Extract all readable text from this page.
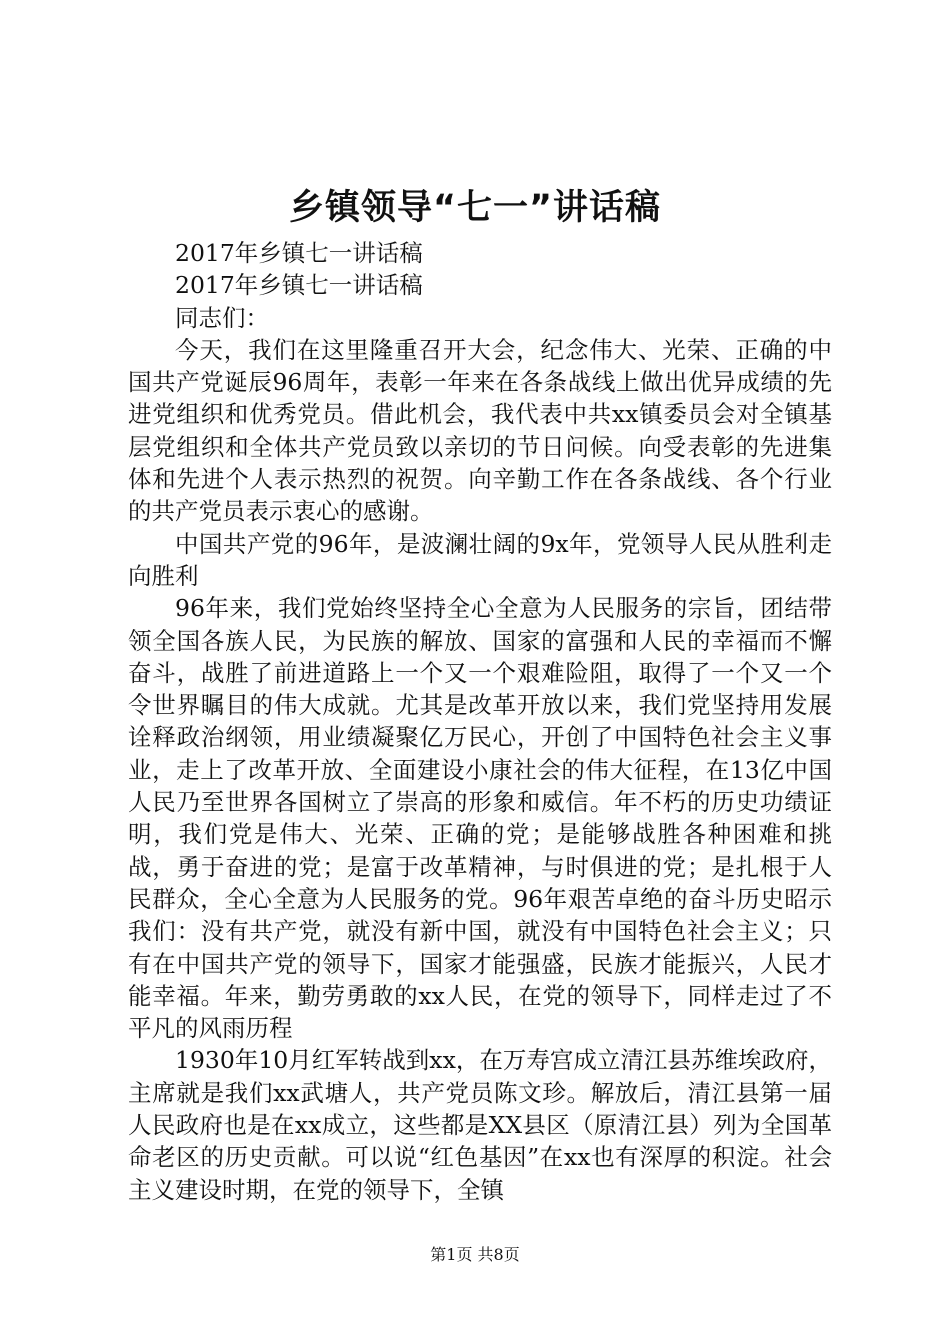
乡镇领导“七一”讲话稿

2017年乡镇七一讲话稿

2017年乡镇七一讲话稿

同志们：

今天，我们在这里隆重召开大会，纪念伟大、光荣、正确的中国共产党诞辰96周年，表彰一年来在各条战线上做出优异成绩的先进党组织和优秀党员。借此机会，我代表中共xx镇委员会对全镇基层党组织和全体共产党员致以亲切的节日问候。向受表彰的先进集体和先进个人表示热烈的祝贺。向辛勤工作在各条战线、各个行业的共产党员表示衷心的感谢。

中国共产党的96年，是波澜壮阔的9x年，党领导人民从胜利走向胜利

96年来，我们党始终坚持全心全意为人民服务的宗旨，团结带领全国各族人民，为民族的解放、国家的富强和人民的幸福而不懈奋斗，战胜了前进道路上一个又一个艰难险阻，取得了一个又一个令世界瞩目的伟大成就。尤其是改革开放以来，我们党坚持用发展诠释政治纲领，用业绩凝聚亿万民心，开创了中国特色社会主义事业，走上了改革开放、全面建设小康社会的伟大征程，在13亿中国人民乃至世界各国树立了崇高的形象和威信。年不朽的历史功绩证明，我们党是伟大、光荣、正确的党；是能够战胜各种困难和挑战，勇于奋进的党；是富于改革精神，与时俱进的党；是扎根于人民群众，全心全意为人民服务的党。96年艰苦卓绝的奋斗历史昭示我们：没有共产党，就没有新中国，就没有中国特色社会主义；只有在中国共产党的领导下，国家才能强盛，民族才能振兴，人民才能幸福。年来，勤劳勇敢的xx人民，在党的领导下，同样走过了不平凡的风雨历程

1930年10月红军转战到xx，在万寿宫成立清江县苏维埃政府，主席就是我们xx武塘人，共产党员陈文珍。解放后，清江县第一届人民政府也是在xx成立，这些都是XX县区（原清江县）列为全国革命老区的历史贡献。可以说“红色基因”在xx也有深厚的积淀。社会主义建设时期，在党的领导下，全镇

第1页 共8页
